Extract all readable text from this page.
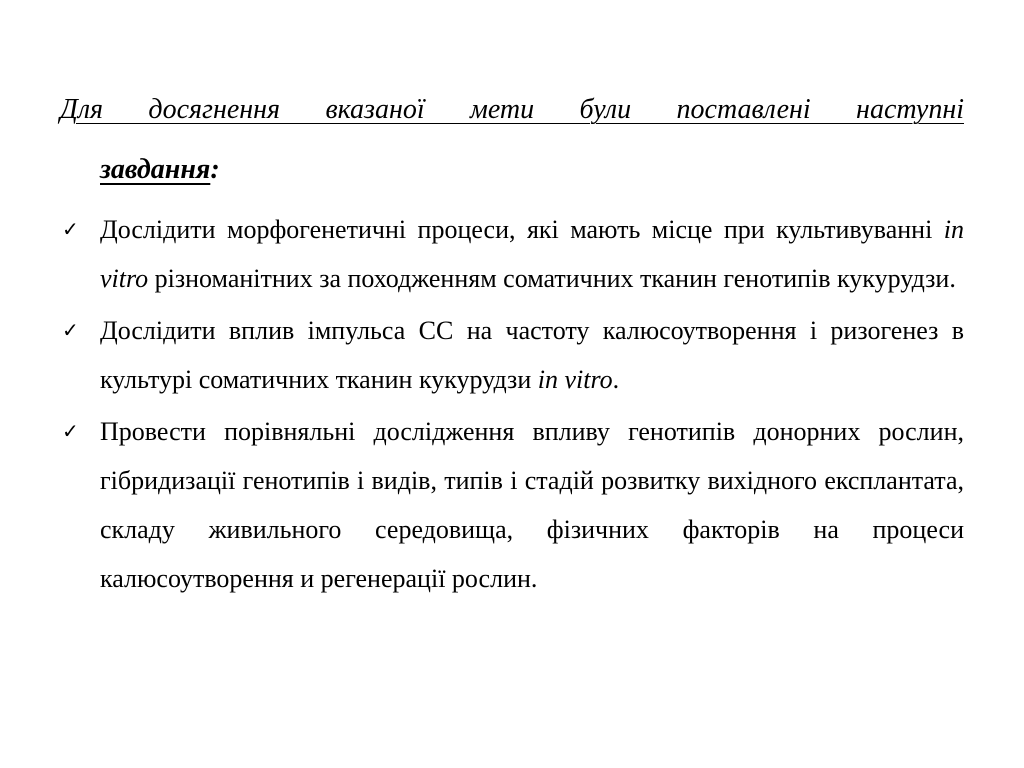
Для досягнення вказаної мети були поставлені наступні

завдання:

✓ Дослідити морфогенетичні процеси, які мають місце при культивуванні in vitro різноманітних за походженням соматичних тканин генотипів кукурудзи.
✓ Дослідити вплив імпульса СС на частоту калюсоутворення і ризогенез в культурі соматичних тканин кукурудзи in vitro.
✓ Провести порівняльні дослідження впливу генотипів донорних рослин, гібридизації генотипів і видів, типів і стадій розвитку вихідного експлантата, складу живильного середовища, фізичних факторів на процеси калюсоутворення и регенерації рослин.
